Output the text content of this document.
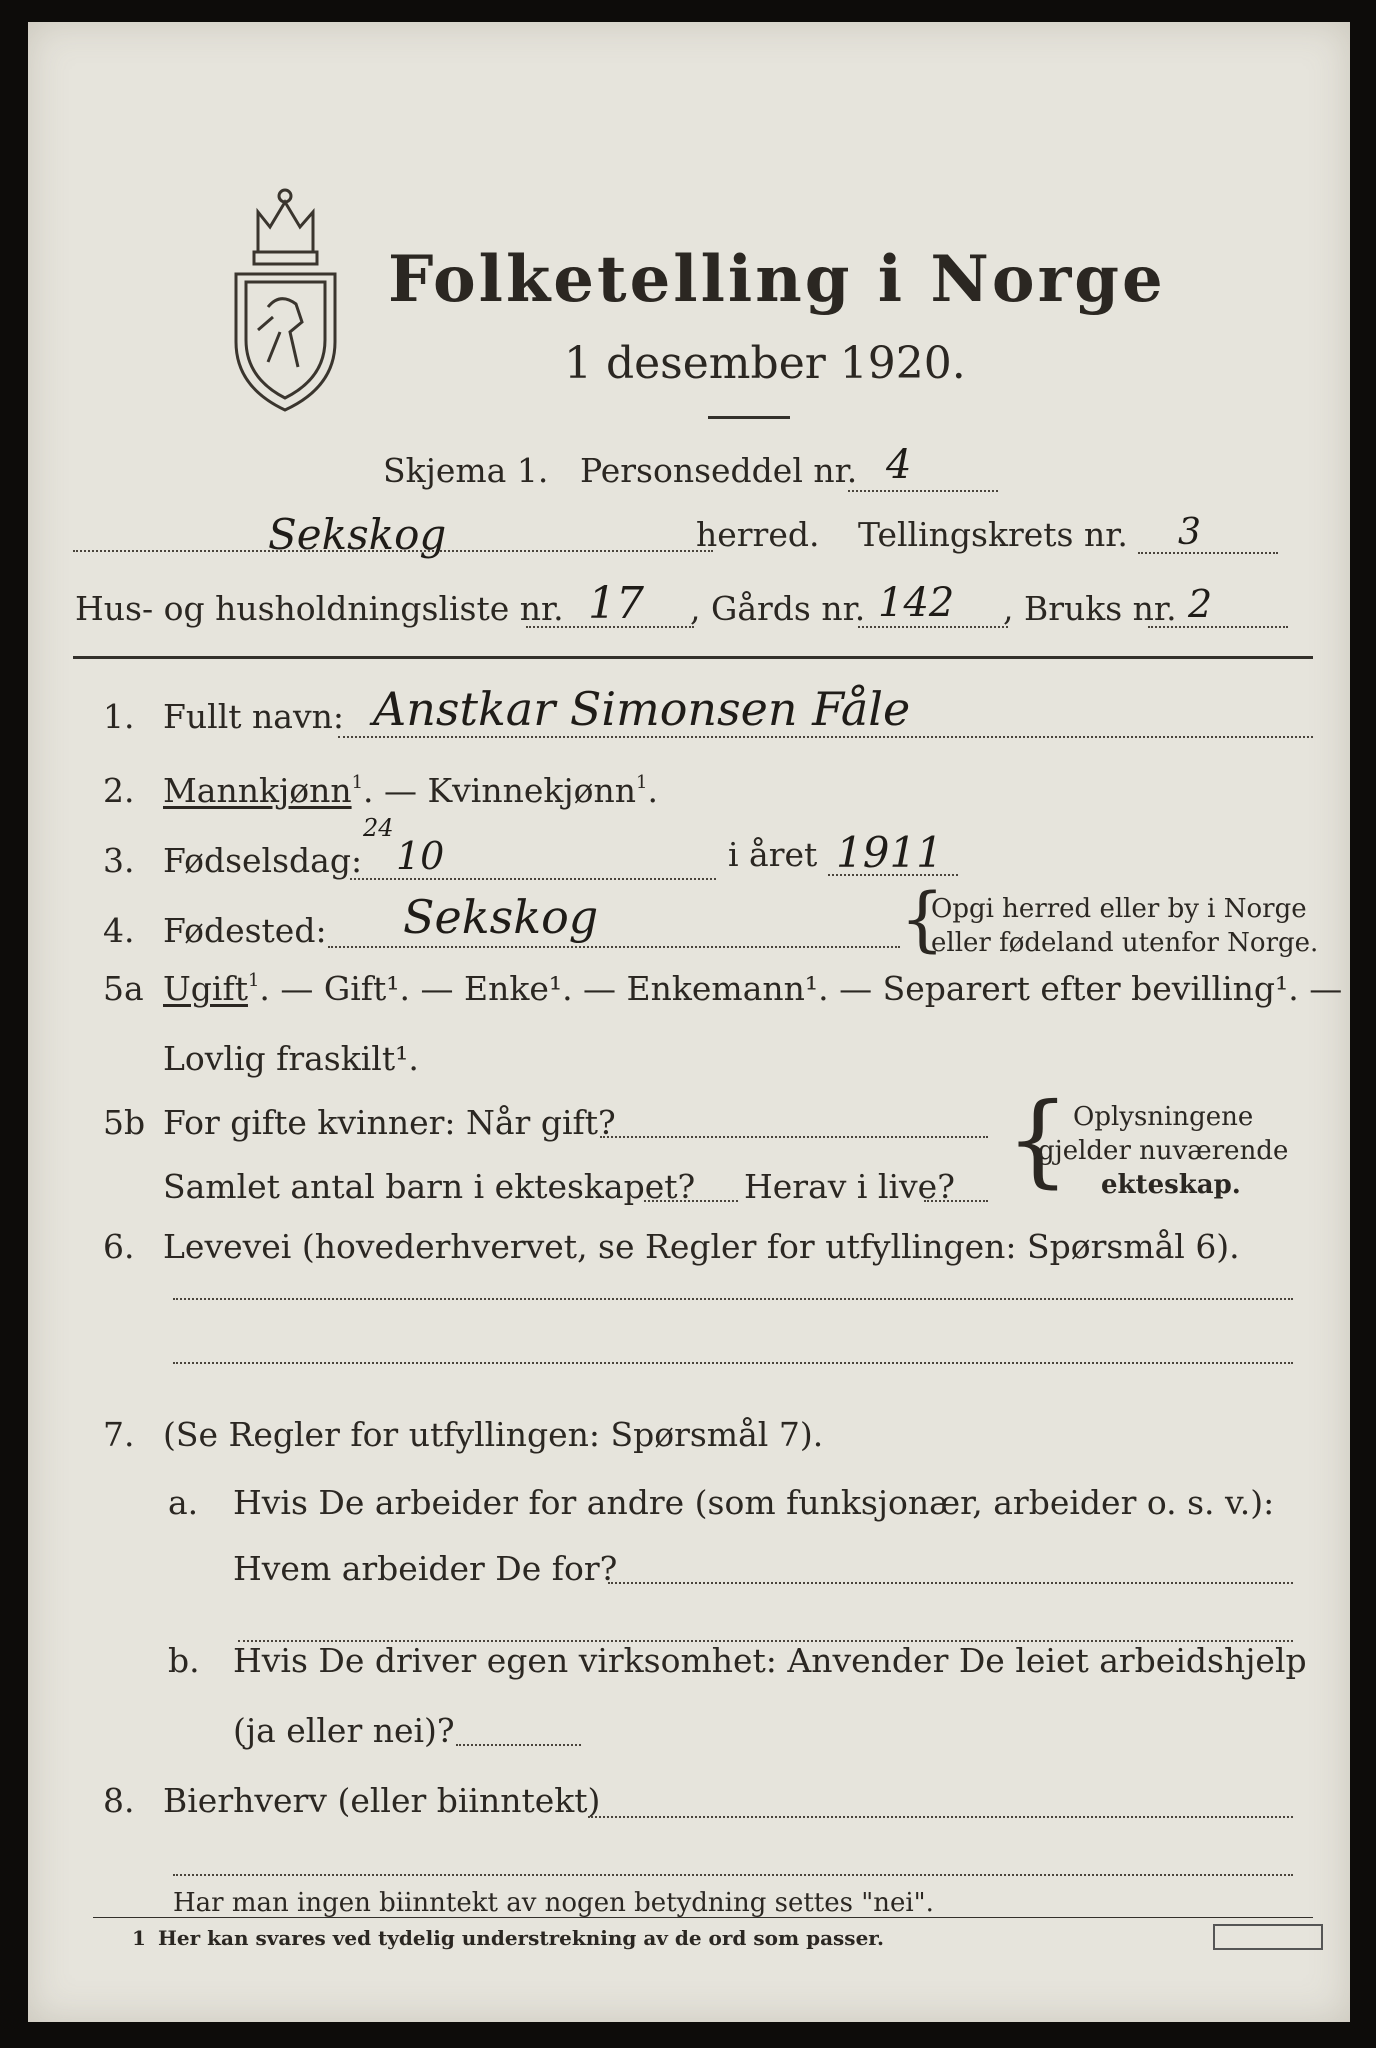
Folketelling i Norge
1 desember 1920.
Skjema 1. Personseddel nr. 4
Sekskog	herred. Tellingskrets nr. 3
Hus- og husholdningsliste nr. 17 , Gårds nr. 142 , Bruks nr. 2
1. Fullt navn: Anstkar Simonsen Fåle
2. Mannkjønn$^1$. — Kvinnekjønn$^1$.
3. Fødselsdag:
24
10	i året 1911
4. Fødested: Sekskog	{
Opgi herred eller by i Norge
eller fødeland utenfor Norge.
5a Ugift$^1$. — Gift¹. — Enke¹. — Enkemann¹. — Separert efter bevilling¹. —
Lovlig fraskilt¹.
5b For gifte kvinner: Når gift?
Samlet antal barn i ekteskapet? Herav i live? { Oplysningene
gjelder nuværende
ekteskap.
6. Levevei (hovederhvervet, se Regler for utfyllingen: Spørsmål 6).
7. (Se Regler for utfyllingen: Spørsmål 7).
a. Hvis De arbeider for andre (som funksjonær, arbeider o. s. v.):
Hvem arbeider De for?
b. Hvis De driver egen virksomhet: Anvender De leiet arbeidshjelp
(ja eller nei)?
8. Bierhverv (eller biinntekt)
Har man ingen biinntekt av nogen betydning settes "nei".
1 Her kan svares ved tydelig understrekning av de ord som passer.
